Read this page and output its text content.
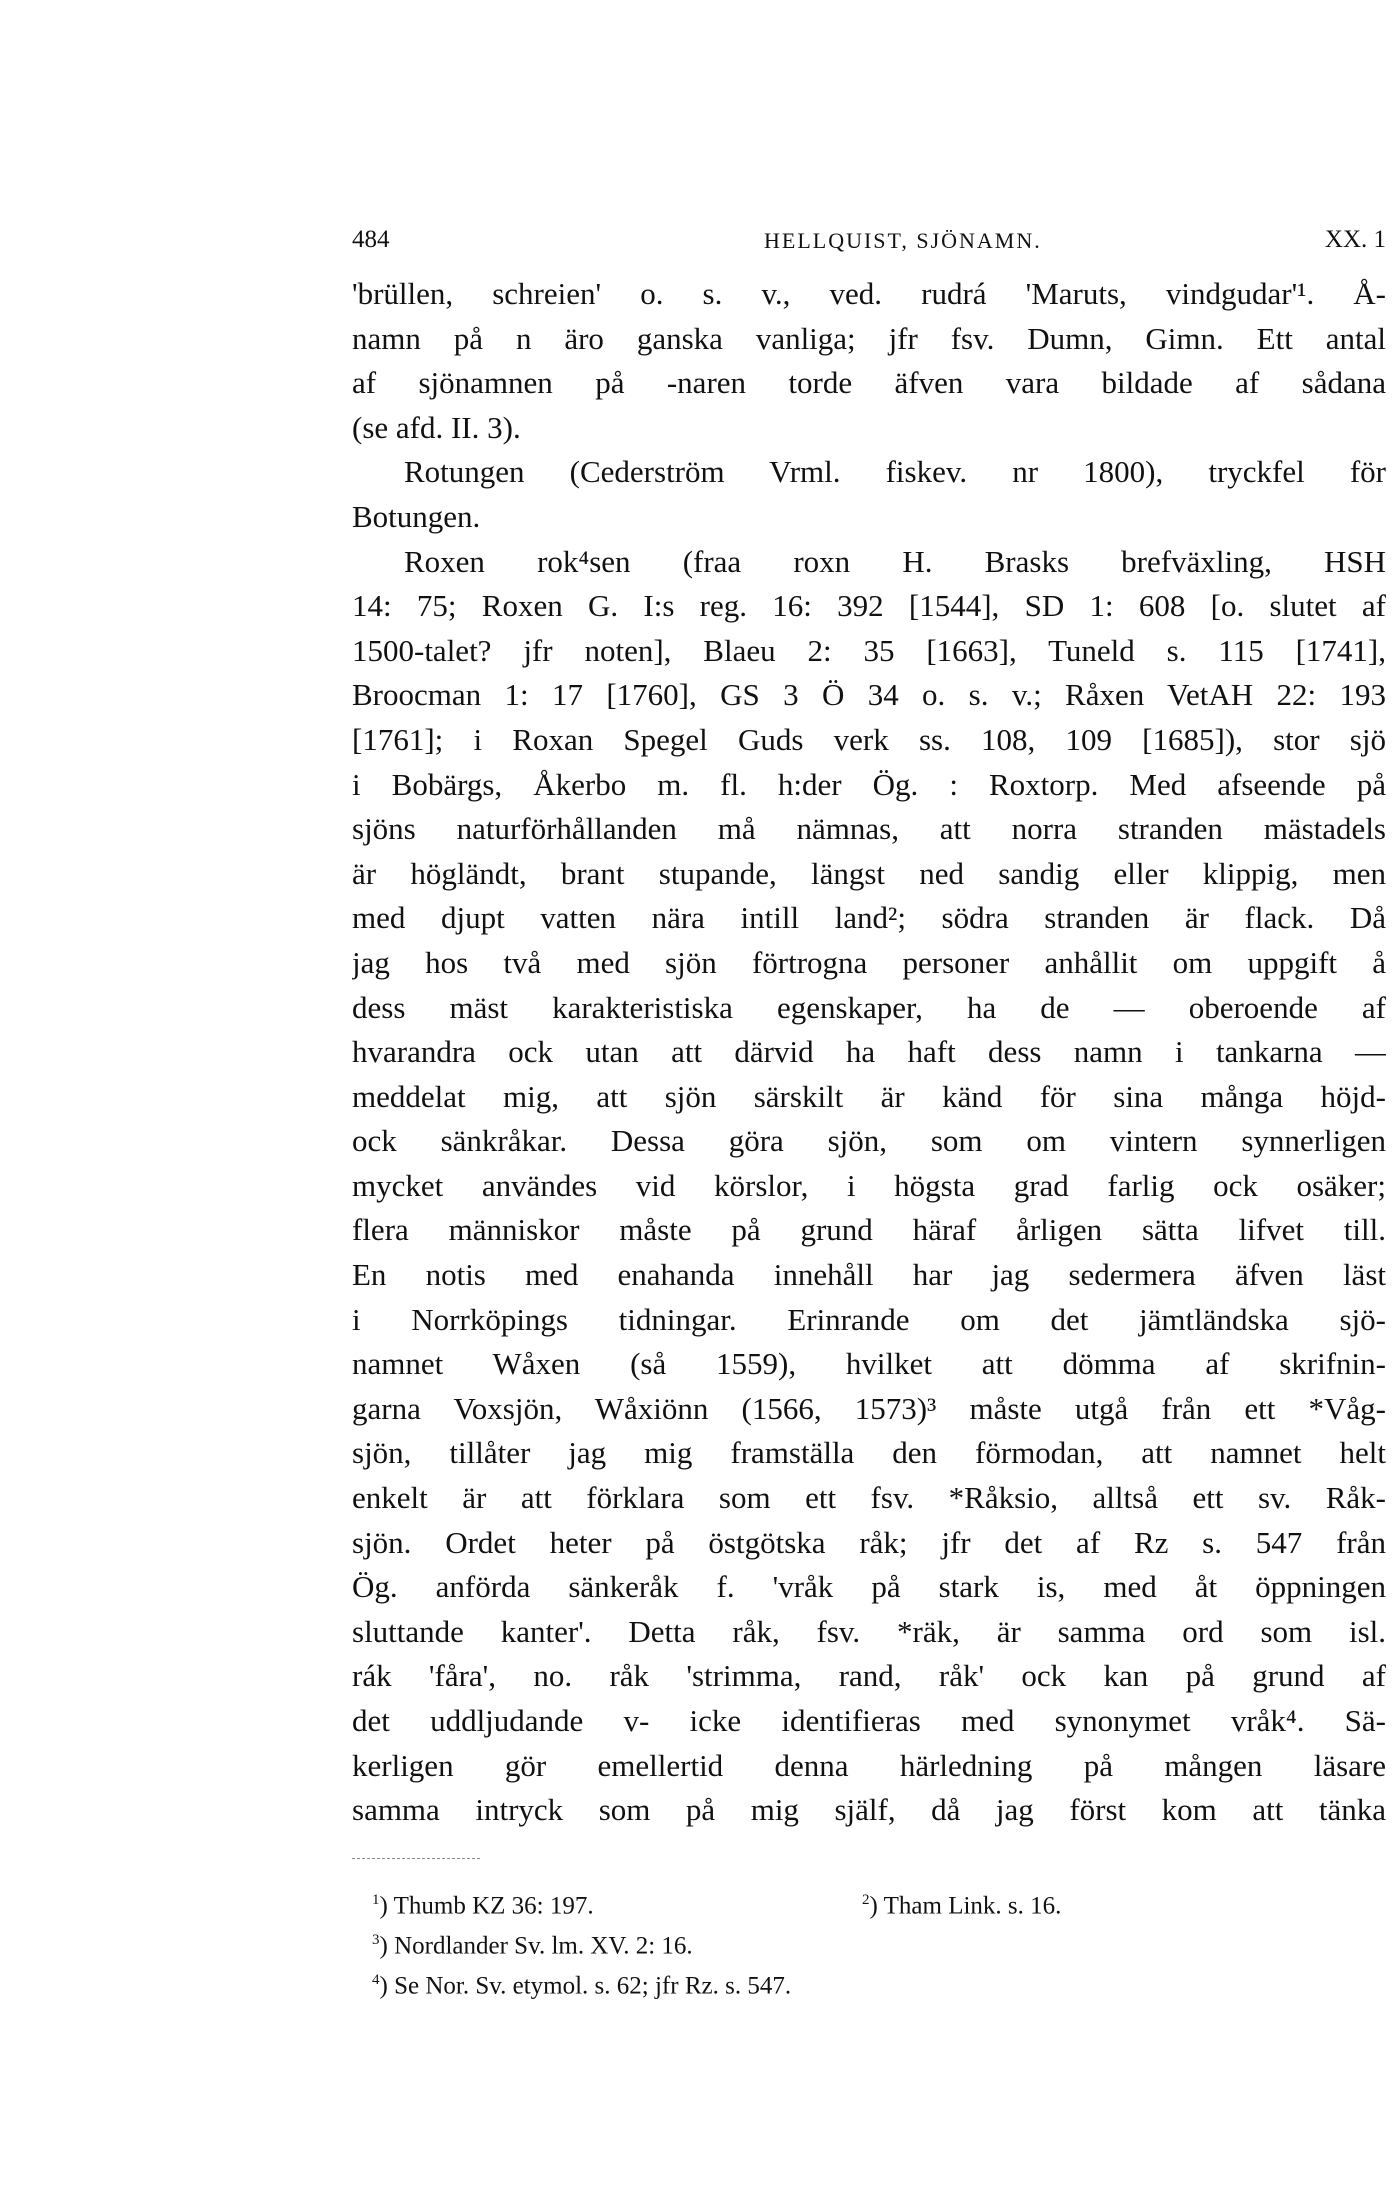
484	HELLQUIST, SJÖNAMN.	XX. 1
'brüllen, schreien' o. s. v., ved. rudrá 'Maruts, vindgudar'¹. Å-
namn på n äro ganska vanliga; jfr fsv. Dumn, Gimn. Ett antal
af sjönamnen på -naren torde äfven vara bildade af sådana
(se afd. II. 3).
Rotungen (Cederström Vrml. fiskev. nr 1800), tryckfel för
Botungen.
Roxen rok⁴sen (fraa roxn H. Brasks brefväxling, HSH
14: 75; Roxen G. I:s reg. 16: 392 [1544], SD 1: 608 [o. slutet af
1500-talet? jfr noten], Blaeu 2: 35 [1663], Tuneld s. 115 [1741],
Broocman 1: 17 [1760], GS 3 Ö 34 o. s. v.; Råxen VetAH 22: 193
[1761]; i Roxan Spegel Guds verk ss. 108, 109 [1685]), stor sjö
i Bobärgs, Åkerbo m. fl. h:der Ög. : Roxtorp. Med afseende på
sjöns naturförhållanden må nämnas, att norra stranden mästadels
är högländt, brant stupande, längst ned sandig eller klippig, men
med djupt vatten nära intill land²; södra stranden är flack. Då
jag hos två med sjön förtrogna personer anhållit om uppgift å
dess mäst karakteristiska egenskaper, ha de — oberoende af
hvarandra ock utan att därvid ha haft dess namn i tankarna —
meddelat mig, att sjön särskilt är känd för sina många höjd-
ock sänkråkar. Dessa göra sjön, som om vintern synnerligen
mycket användes vid körslor, i högsta grad farlig ock osäker;
flera människor måste på grund häraf årligen sätta lifvet till.
En notis med enahanda innehåll har jag sedermera äfven läst
i Norrköpings tidningar. Erinrande om det jämtländska sjö-
namnet Wåxen (så 1559), hvilket att dömma af skrifnin-
garna Voxsjön, Wåxiönn (1566, 1573)³ måste utgå från ett *Våg-
sjön, tillåter jag mig framställa den förmodan, att namnet helt
enkelt är att förklara som ett fsv. *Råksio, alltså ett sv. Råk-
sjön. Ordet heter på östgötska råk; jfr det af Rz s. 547 från
Ög. anförda sänkeråk f. 'vråk på stark is, med åt öppningen
sluttande kanter'. Detta råk, fsv. *räk, är samma ord som isl.
rák 'fåra', no. råk 'strimma, rand, råk' ock kan på grund af
det uddljudande v- icke identifieras med synonymet vråk⁴. Sä-
kerligen gör emellertid denna härledning på mången läsare
samma intryck som på mig själf, då jag först kom att tänka
$^1$) Thumb KZ 36: 197.	$^2$) Tham Link. s. 16.
$^3$) Nordlander Sv. lm. XV. 2: 16.
$^4$) Se Nor. Sv. etymol. s. 62; jfr Rz. s. 547.
